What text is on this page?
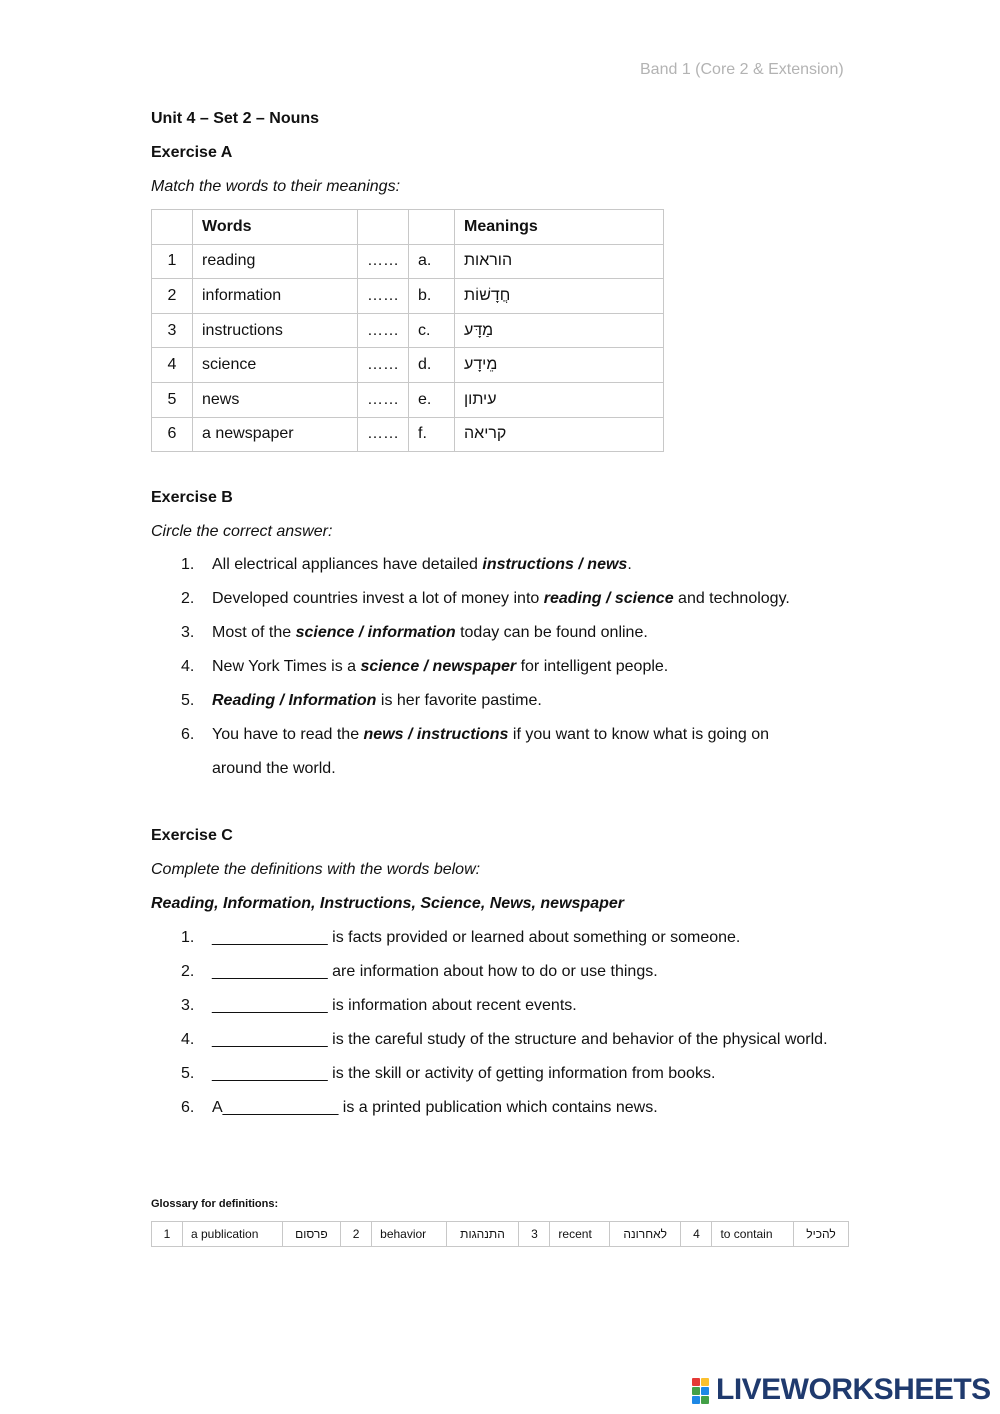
Band 1 (Core 2 & Extension)
Unit 4 – Set 2 – Nouns
Exercise A
Match the words to their meanings:
	Words			Meanings
1	reading	……	a.	הוראות

2	information	……	b.	חֲדָשׁוֹת

3	instructions	……	c.	מַדָּע

4	science	……	d.	מֵידָע

5	news	……	e.	עיתון

6	a newspaper	……	f.	קריאה
Exercise B
Circle the correct answer:
1. All electrical appliances have detailed instructions / news.
2. Developed countries invest a lot of money into reading / science and technology.
3. Most of the science / information today can be found online.
4. New York Times is a science / newspaper for intelligent people.
5. Reading / Information is her favorite pastime.
6. You have to read the news / instructions if you want to know what is going on around the world.
Exercise C
Complete the definitions with the words below:
Reading, Information, Instructions, Science, News, newspaper
1. _____________ is facts provided or learned about something or someone.
2. _____________ are information about how to do or use things.
3. _____________ is information about recent events.
4. _____________ is the careful study of the structure and behavior of the physical world.
5. _____________ is the skill or activity of getting information from books.
6. A_____________ is a printed publication which contains news.
Glossary for definitions:
1	a publication	פרסום	2	behavior	התנהגות	3	recent	לאחרונה	4	to contain	להכיל
LIVEWORKSHEETS
